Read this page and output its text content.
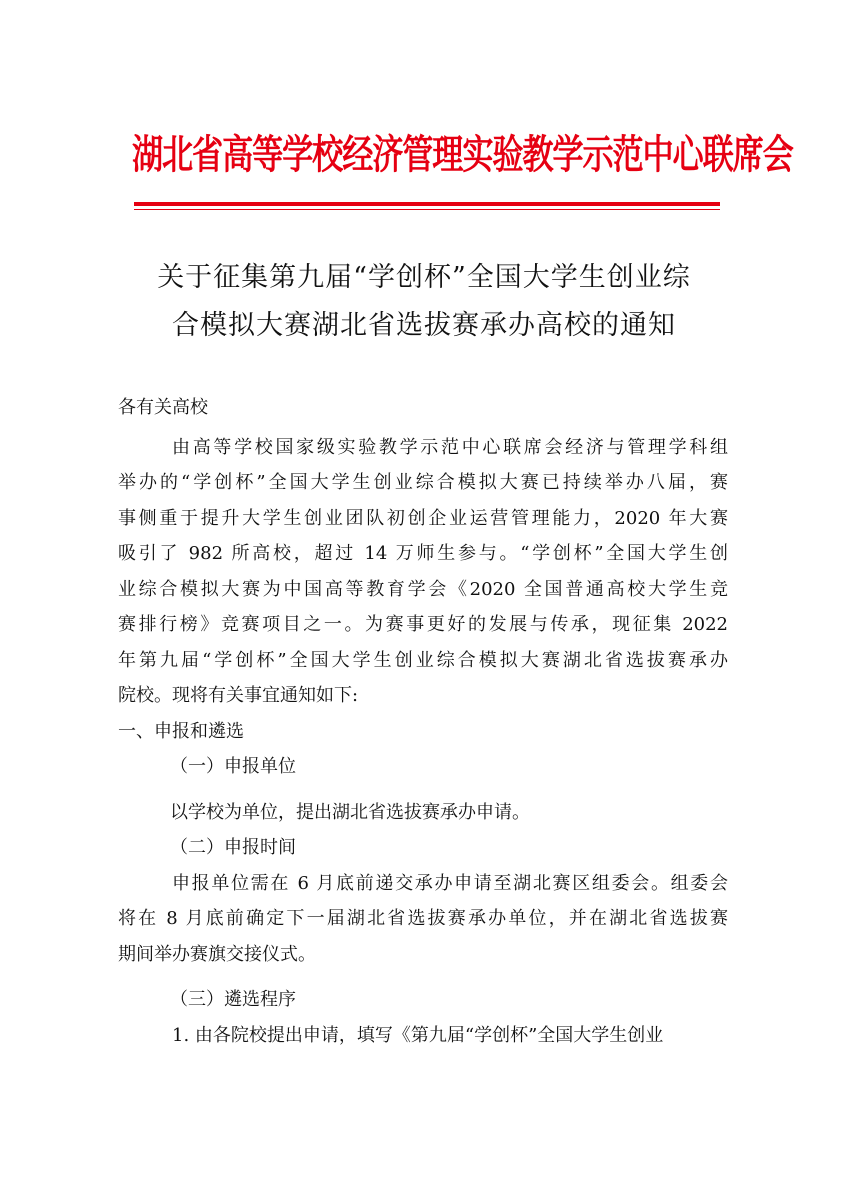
湖北省高等学校经济管理实验教学示范中心联席会
关于征集第九届“学创杯”全国大学生创业综
合模拟大赛湖北省选拔赛承办高校的通知

各有关高校

由高等学校国家级实验教学示范中心联席会经济与管理学科组
举办的“学创杯”全国大学生创业综合模拟大赛已持续举办八届，赛
事侧重于提升大学生创业团队初创企业运营管理能力，2020 年大赛
吸引了 982 所高校，超过 14 万师生参与。“学创杯”全国大学生创
业综合模拟大赛为中国高等教育学会《2020 全国普通高校大学生竞
赛排行榜》竞赛项目之一。为赛事更好的发展与传承，现征集 2022
年第九届“学创杯”全国大学生创业综合模拟大赛湖北省选拔赛承办
院校。现将有关事宜通知如下:

一、申报和遴选

（一）申报单位

以学校为单位，提出湖北省选拔赛承办申请。

（二）申报时间

申报单位需在 6 月底前递交承办申请至湖北赛区组委会。组委会
将在 8 月底前确定下一届湖北省选拔赛承办单位，并在湖北省选拔赛
期间举办赛旗交接仪式。

（三）遴选程序

1. 由各院校提出申请，填写《第九届“学创杯”全国大学生创业
